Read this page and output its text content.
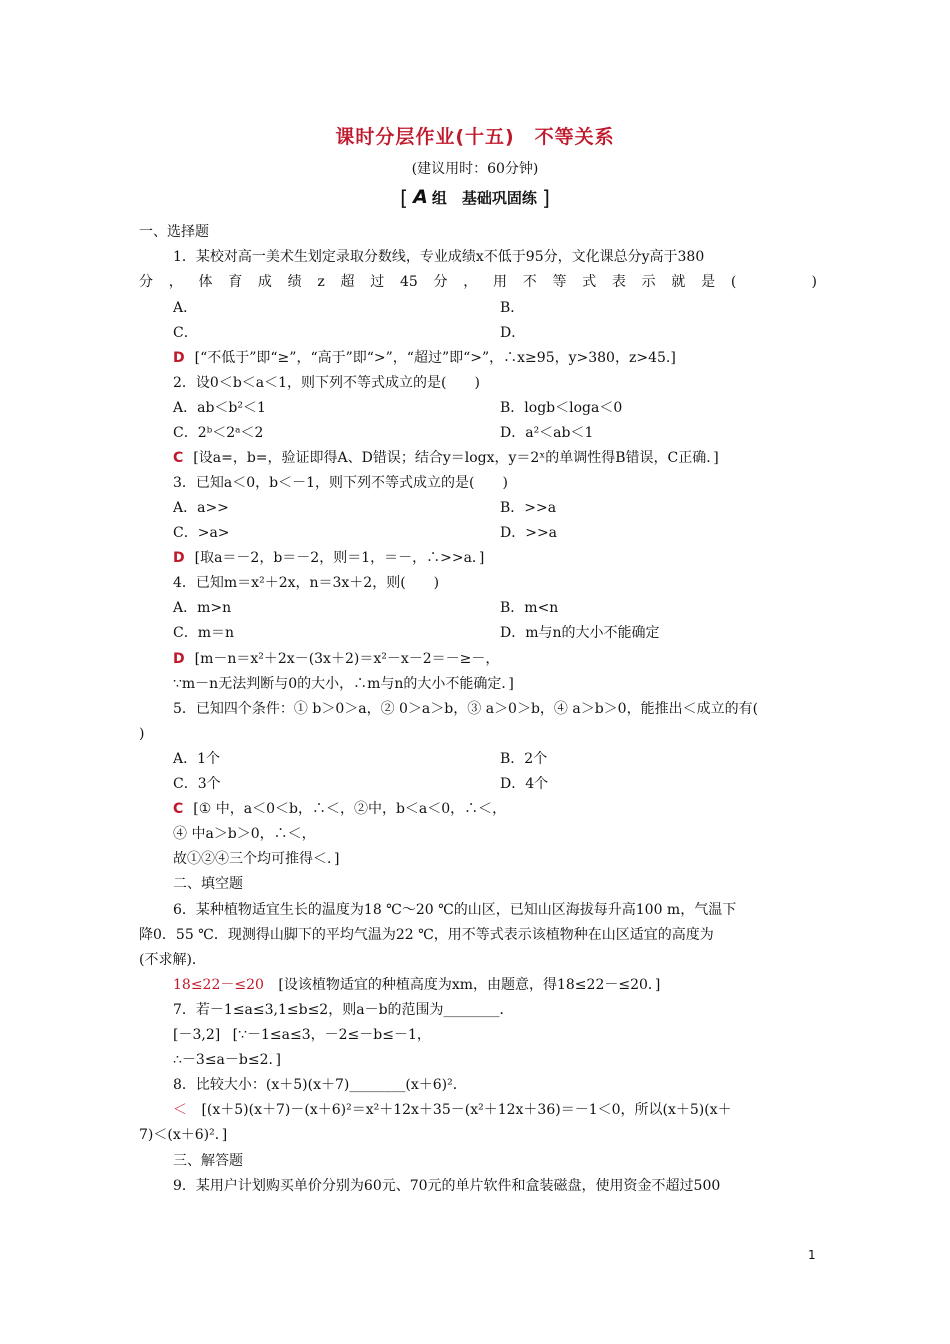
课时分层作业(十五)　不等关系
(建议用时：60分钟)
[ A 组　基础巩固练 ]
一、选择题
1．某校对高一美术生划定录取分数线，专业成绩x不低于95分，文化课总分y高于380
分，体育成绩z超过45分，用不等式表示就是(　　)
A．	B．
C．	D．
D [“不低于”即“≥”，“高于”即“>”，“超过”即“>”，∴x≥95，y>380，z>45.]
2．设0＜b＜a＜1，则下列不等式成立的是(　　)
A．ab＜b²＜1	B．logb＜loga＜0
C．2ᵇ＜2ᵃ＜2	D．a²＜ab＜1
C [设a=，b=，验证即得A、D错误；结合y＝logx，y＝2ˣ的单调性得B错误，C正确．]
3．已知a＜0，b＜－1，则下列不等式成立的是(　　)
A．a>>	B．>>a
C．>a>	D．>>a
D [取a＝－2，b＝－2，则＝1，＝－，∴>>a．]
4．已知m＝x²＋2x，n＝3x＋2，则(　　)
A．m>n	B．m<n
C．m＝n	D．m与n的大小不能确定
D [m－n＝x²＋2x－(3x＋2)＝x²－x－2＝－≥－，
∵m－n无法判断与0的大小，∴m与n的大小不能确定．]
5．已知四个条件：① b＞0＞a，② 0＞a＞b，③ a＞0＞b，④ a＞b＞0，能推出＜成立的有(
)
A．1个	B．2个
C．3个	D．4个
C [① 中，a＜0＜b，∴＜，②中，b＜a＜0，∴＜，
④ 中a＞b＞0，∴＜，
故①②④三个均可推得＜．]
二、填空题
6．某种植物适宜生长的温度为18 ℃～20 ℃的山区，已知山区海拔每升高100 m，气温下
降0．55 ℃．现测得山脚下的平均气温为22 ℃，用不等式表示该植物种在山区适宜的高度为
(不求解)．
18≤22－≤20 [设该植物适宜的种植高度为xm，由题意，得18≤22－≤20．]
7．若－1≤a≤3,1≤b≤2，则a－b的范围为________．
[－3,2] [∵－1≤a≤3，－2≤－b≤－1，
∴－3≤a－b≤2．]
8．比较大小：(x＋5)(x＋7)________(x＋6)²．
＜ [(x＋5)(x＋7)－(x＋6)²＝x²＋12x＋35－(x²＋12x＋36)＝－1＜0，所以(x＋5)(x＋
7)＜(x＋6)²．]
三、解答题
9．某用户计划购买单价分别为60元、70元的单片软件和盒装磁盘，使用资金不超过500
1
